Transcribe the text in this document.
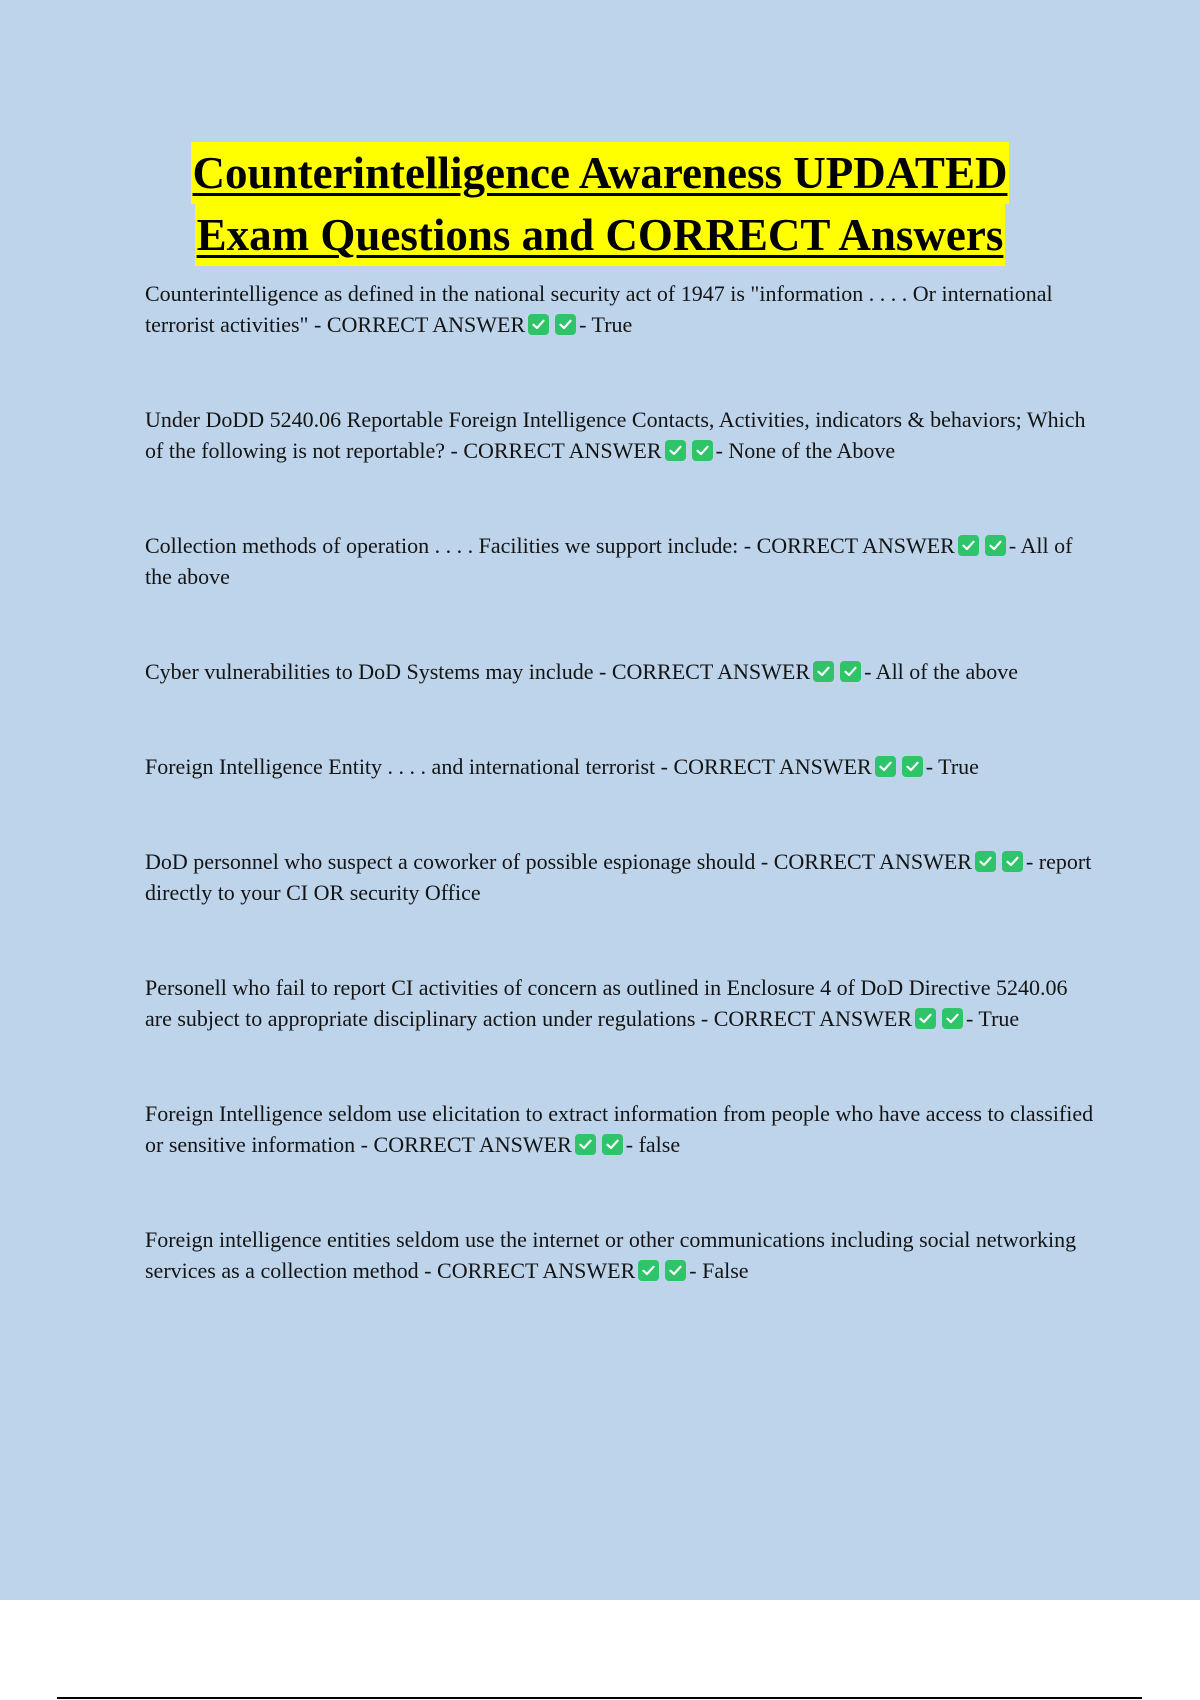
Counterintelligence Awareness UPDATED
Exam Questions and CORRECT Answers

Counterintelligence as defined in the national security act of 1947 is "information . . . . Or international terrorist activities" - CORRECT ANSWER - True

Under DoDD 5240.06 Reportable Foreign Intelligence Contacts, Activities, indicators & behaviors; Which of the following is not reportable? - CORRECT ANSWER - None of the Above

Collection methods of operation . . . . Facilities we support include: - CORRECT ANSWER - All of the above

Cyber vulnerabilities to DoD Systems may include - CORRECT ANSWER - All of the above

Foreign Intelligence Entity . . . . and international terrorist - CORRECT ANSWER - True

DoD personnel who suspect a coworker of possible espionage should - CORRECT ANSWER - report directly to your CI OR security Office

Personell who fail to report CI activities of concern as outlined in Enclosure 4 of DoD Directive 5240.06 are subject to appropriate disciplinary action under regulations - CORRECT ANSWER - True

Foreign Intelligence seldom use elicitation to extract information from people who have access to classified or sensitive information - CORRECT ANSWER - false

Foreign intelligence entities seldom use the internet or other communications including social networking services as a collection method - CORRECT ANSWER - False
